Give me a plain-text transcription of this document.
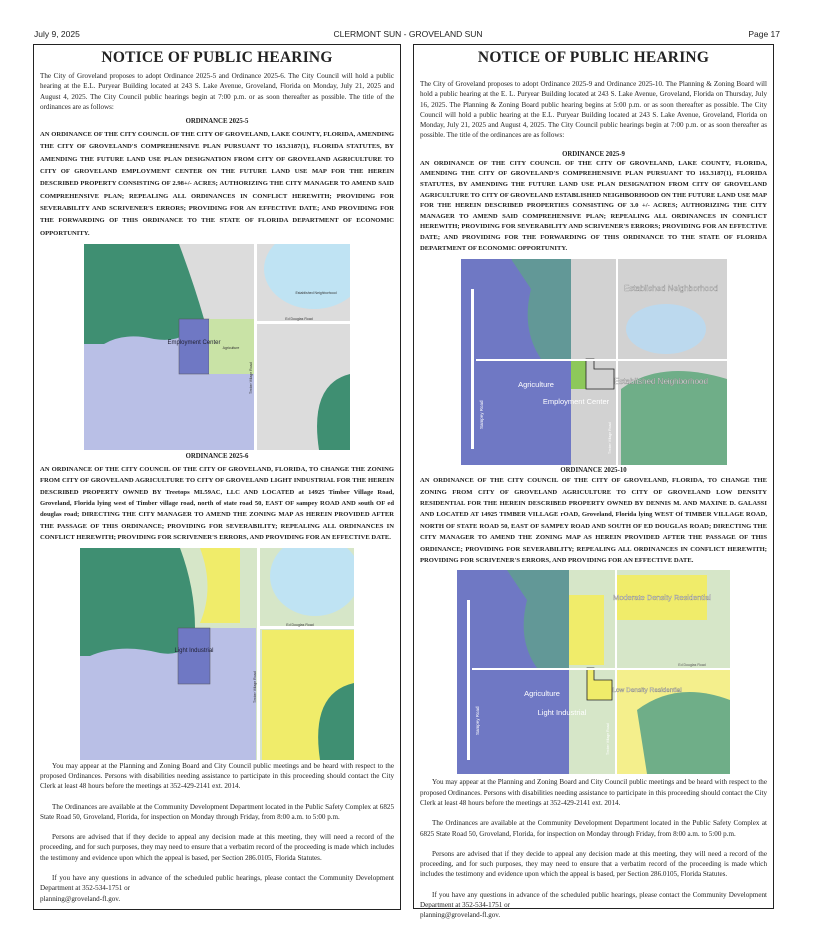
July 9, 2025	CLERMONT SUN - GROVELAND SUN	Page 17
NOTICE OF PUBLIC HEARING
The City of Groveland proposes to adopt Ordinance 2025-5 and Ordinance 2025-6. The City Council will hold a public hearing at the E.L. Puryear Building located at 243 S. Lake Avenue, Groveland, Florida on Monday, July 21, 2025 and August 4, 2025. The City Council public hearings begin at 7:00 p.m. or as soon thereafter as possible. The title of the ordinances are as follows:
ORDINANCE 2025-5
AN ORDINANCE OF THE CITY COUNCIL OF THE CITY OF GROVELAND, LAKE COUNTY, FLORIDA, AMENDING THE CITY OF GROVELAND'S COMPREHENSIVE PLAN PURSUANT TO 163.3187(1), FLORIDA STATUTES, BY AMENDING THE FUTURE LAND USE PLAN DESIGNATION FROM CITY OF GROVELAND AGRICULTURE TO CITY OF GROVELAND EMPLOYMENT CENTER ON THE FUTURE LAND USE MAP FOR THE HEREIN DESCRIBED PROPERTY CONSISTING OF 2.98+/- ACRES; AUTHORIZING THE CITY MANAGER TO AMEND SAID COMPREHENSIVE PLAN; REPEALING ALL ORDINANCES IN CONFLICT HEREWITH; PROVIDING FOR SEVERABILITY AND SCRIVENER'S ERRORS; PROVIDING FOR AN EFFECTIVE DATE; AND PROVIDING FOR THE FORWARDING OF THIS ORDINANCE TO THE STATE OF FLORIDA DEPARTMENT OF ECONOMIC OPPORTUNITY.
Employment Center
Agriculture
Ed Douglas Road
Timber Village Road
Established Neighborhood
ORDINANCE 2025-6
AN ORDINANCE OF THE CITY COUNCIL OF THE CITY OF GROVELAND, FLORIDA, TO CHANGE THE ZONING FROM CITY OF GROVELAND AGRICULTURE TO CITY OF GROVELAND LIGHT INDUSTRIAL FOR THE HEREIN DESCRIBED PROPERTY OWNED BY Treetops ML59AC, LLC AND LOCATED at 14925 Timber Village Road, Groveland, Florida lying west of Timber village road, north of state road 50, EAST OF sampey ROAD AND south OF ed douglas road; DIRECTING THE CITY MANAGER TO AMEND THE ZONING MAP AS HEREIN PROVIDED AFTER THE PASSAGE OF THIS ORDINANCE; PROVIDING FOR SEVERABILITY; REPEALING ALL ORDINANCES IN CONFLICT HEREWITH; PROVIDING FOR SCRIVENER'S ERRORS, AND PROVIDING FOR AN EFFECTIVE DATE.
Light Industrial
Ed Douglas Road
Timber Village Road
You may appear at the Planning and Zoning Board and City Council public meetings and be heard with respect to the proposed Ordinances. Persons with disabilities needing assistance to participate in this proceeding should contact the City Clerk at least 48 hours before the meetings at 352-429-2141 ext. 2014.
The Ordinances are available at the Community Development Department located in the Public Safety Complex at 6825 State Road 50, Groveland, Florida, for inspection on Monday through Friday, from 8:00 a.m. to 5:00 p.m.
Persons are advised that if they decide to appeal any decision made at this meeting, they will need a record of the proceeding, and for such purposes, they may need to ensure that a verbatim record of the proceeding is made which includes the testimony and evidence upon which the appeal is based, per Section 286.0105, Florida Statutes.
If you have any questions in advance of the scheduled public hearings, please contact the Community Development Department at 352-534-1751 or
planning@groveland-fl.gov.
NOTICE OF PUBLIC HEARING
The City of Groveland proposes to adopt Ordinance 2025-9 and Ordinance 2025-10. The Planning & Zoning Board will hold a public hearing at the E. L. Puryear Building located at 243 S. Lake Avenue, Groveland, Florida on Thursday, July 16, 2025. The Planning & Zoning Board public hearing begins at 5:00 p.m. or as soon thereafter as possible. The City Council will hold a public hearing at the E.L. Puryear Building located at 243 S. Lake Avenue, Groveland, Florida on Monday, July 21, 2025 and August 4, 2025. The City Council public hearings begin at 7:00 p.m. or as soon thereafter as possible. The title of the ordinances are as follows:
ORDINANCE 2025-9
AN ORDINANCE OF THE CITY COUNCIL OF THE CITY OF GROVELAND, LAKE COUNTY, FLORIDA, AMENDING THE CITY OF GROVELAND'S COMPREHENSIVE PLAN PURSUANT TO 163.3187(1), FLORIDA STATUTES, BY AMENDING THE FUTURE LAND USE PLAN DESIGNATION FROM CITY OF GROVELAND AGRICULTURE TO CITY OF GROVELAND ESTABLISHED NEIGHBORHOOD ON THE FUTURE LAND USE MAP FOR THE HEREIN DESCRIBED PROPERTIES CONSISTING OF 3.0 +/- ACRES; AUTHORIZING THE CITY MANAGER TO AMEND SAID COMPREHENSIVE PLAN; REPEALING ALL ORDINANCES IN CONFLICT HEREWITH; PROVIDING FOR SEVERABILITY AND SCRIVENER'S ERRORS; PROVIDING FOR AN EFFECTIVE DATE; AND PROVIDING FOR THE FORWARDING OF THIS ORDINANCE TO THE STATE OF FLORIDA DEPARTMENT OF ECONOMIC OPPORTUNITY.
Established Neighborhood
Established Neighborhood
Agriculture
Employment Center
Sampey Road
Timber Village Road
ORDINANCE 2025-10
AN ORDINANCE OF THE CITY COUNCIL OF THE CITY OF GROVELAND, FLORIDA, TO CHANGE THE ZONING FROM CITY OF GROVELAND AGRICULTURE TO CITY OF GROVELAND LOW DENSITY RESIDENTIAL FOR THE HEREIN DESCRIBED PROPERTY OWNED BY DENNIS M. AND MAXINE D. GALASSI AND LOCATED AT 14925 TIMBER VILLAGE rOAD, Groveland, Florida lying WEST Of TIMBER VILLAGE ROAD, NORTH OF STATE ROAD 50, EAST OF SAMPEY ROAD AND SOUTH OF ED DOUGLAS ROAD; DIRECTING THE CITY MANAGER TO AMEND THE ZONING MAP AS HEREIN PROVIDED AFTER THE PASSAGE OF THIS ORDINANCE; PROVIDING FOR SEVERABILITY; REPEALING ALL ORDINANCES IN CONFLICT HEREWITH; PROVIDING FOR SCRIVENER'S ERRORS, AND PROVIDING FOR AN EFFECTIVE DATE.
Moderate Density Residential
Agriculture
Light Industrial
Low Density Residential
Sampey Road
Timber Village Road
Ed Douglas Road
You may appear at the Planning and Zoning Board and City Council public meetings and be heard with respect to the proposed Ordinances. Persons with disabilities needing assistance to participate in this proceeding should contact the City Clerk at least 48 hours before the meetings at 352-429-2141 ext. 2014.
The Ordinances are available at the Community Development Department located in the Public Safety Complex at 6825 State Road 50, Groveland, Florida, for inspection on Monday through Friday, from 8:00 a.m. to 5:00 p.m.
Persons are advised that if they decide to appeal any decision made at this meeting, they will need a record of the proceeding, and for such purposes, they may need to ensure that a verbatim record of the proceeding is made which includes the testimony and evidence upon which the appeal is based, per Section 286.0105, Florida Statutes.
If you have any questions in advance of the scheduled public hearings, please contact the Community Development Department at 352-534-1751 or
planning@groveland-fl.gov.
